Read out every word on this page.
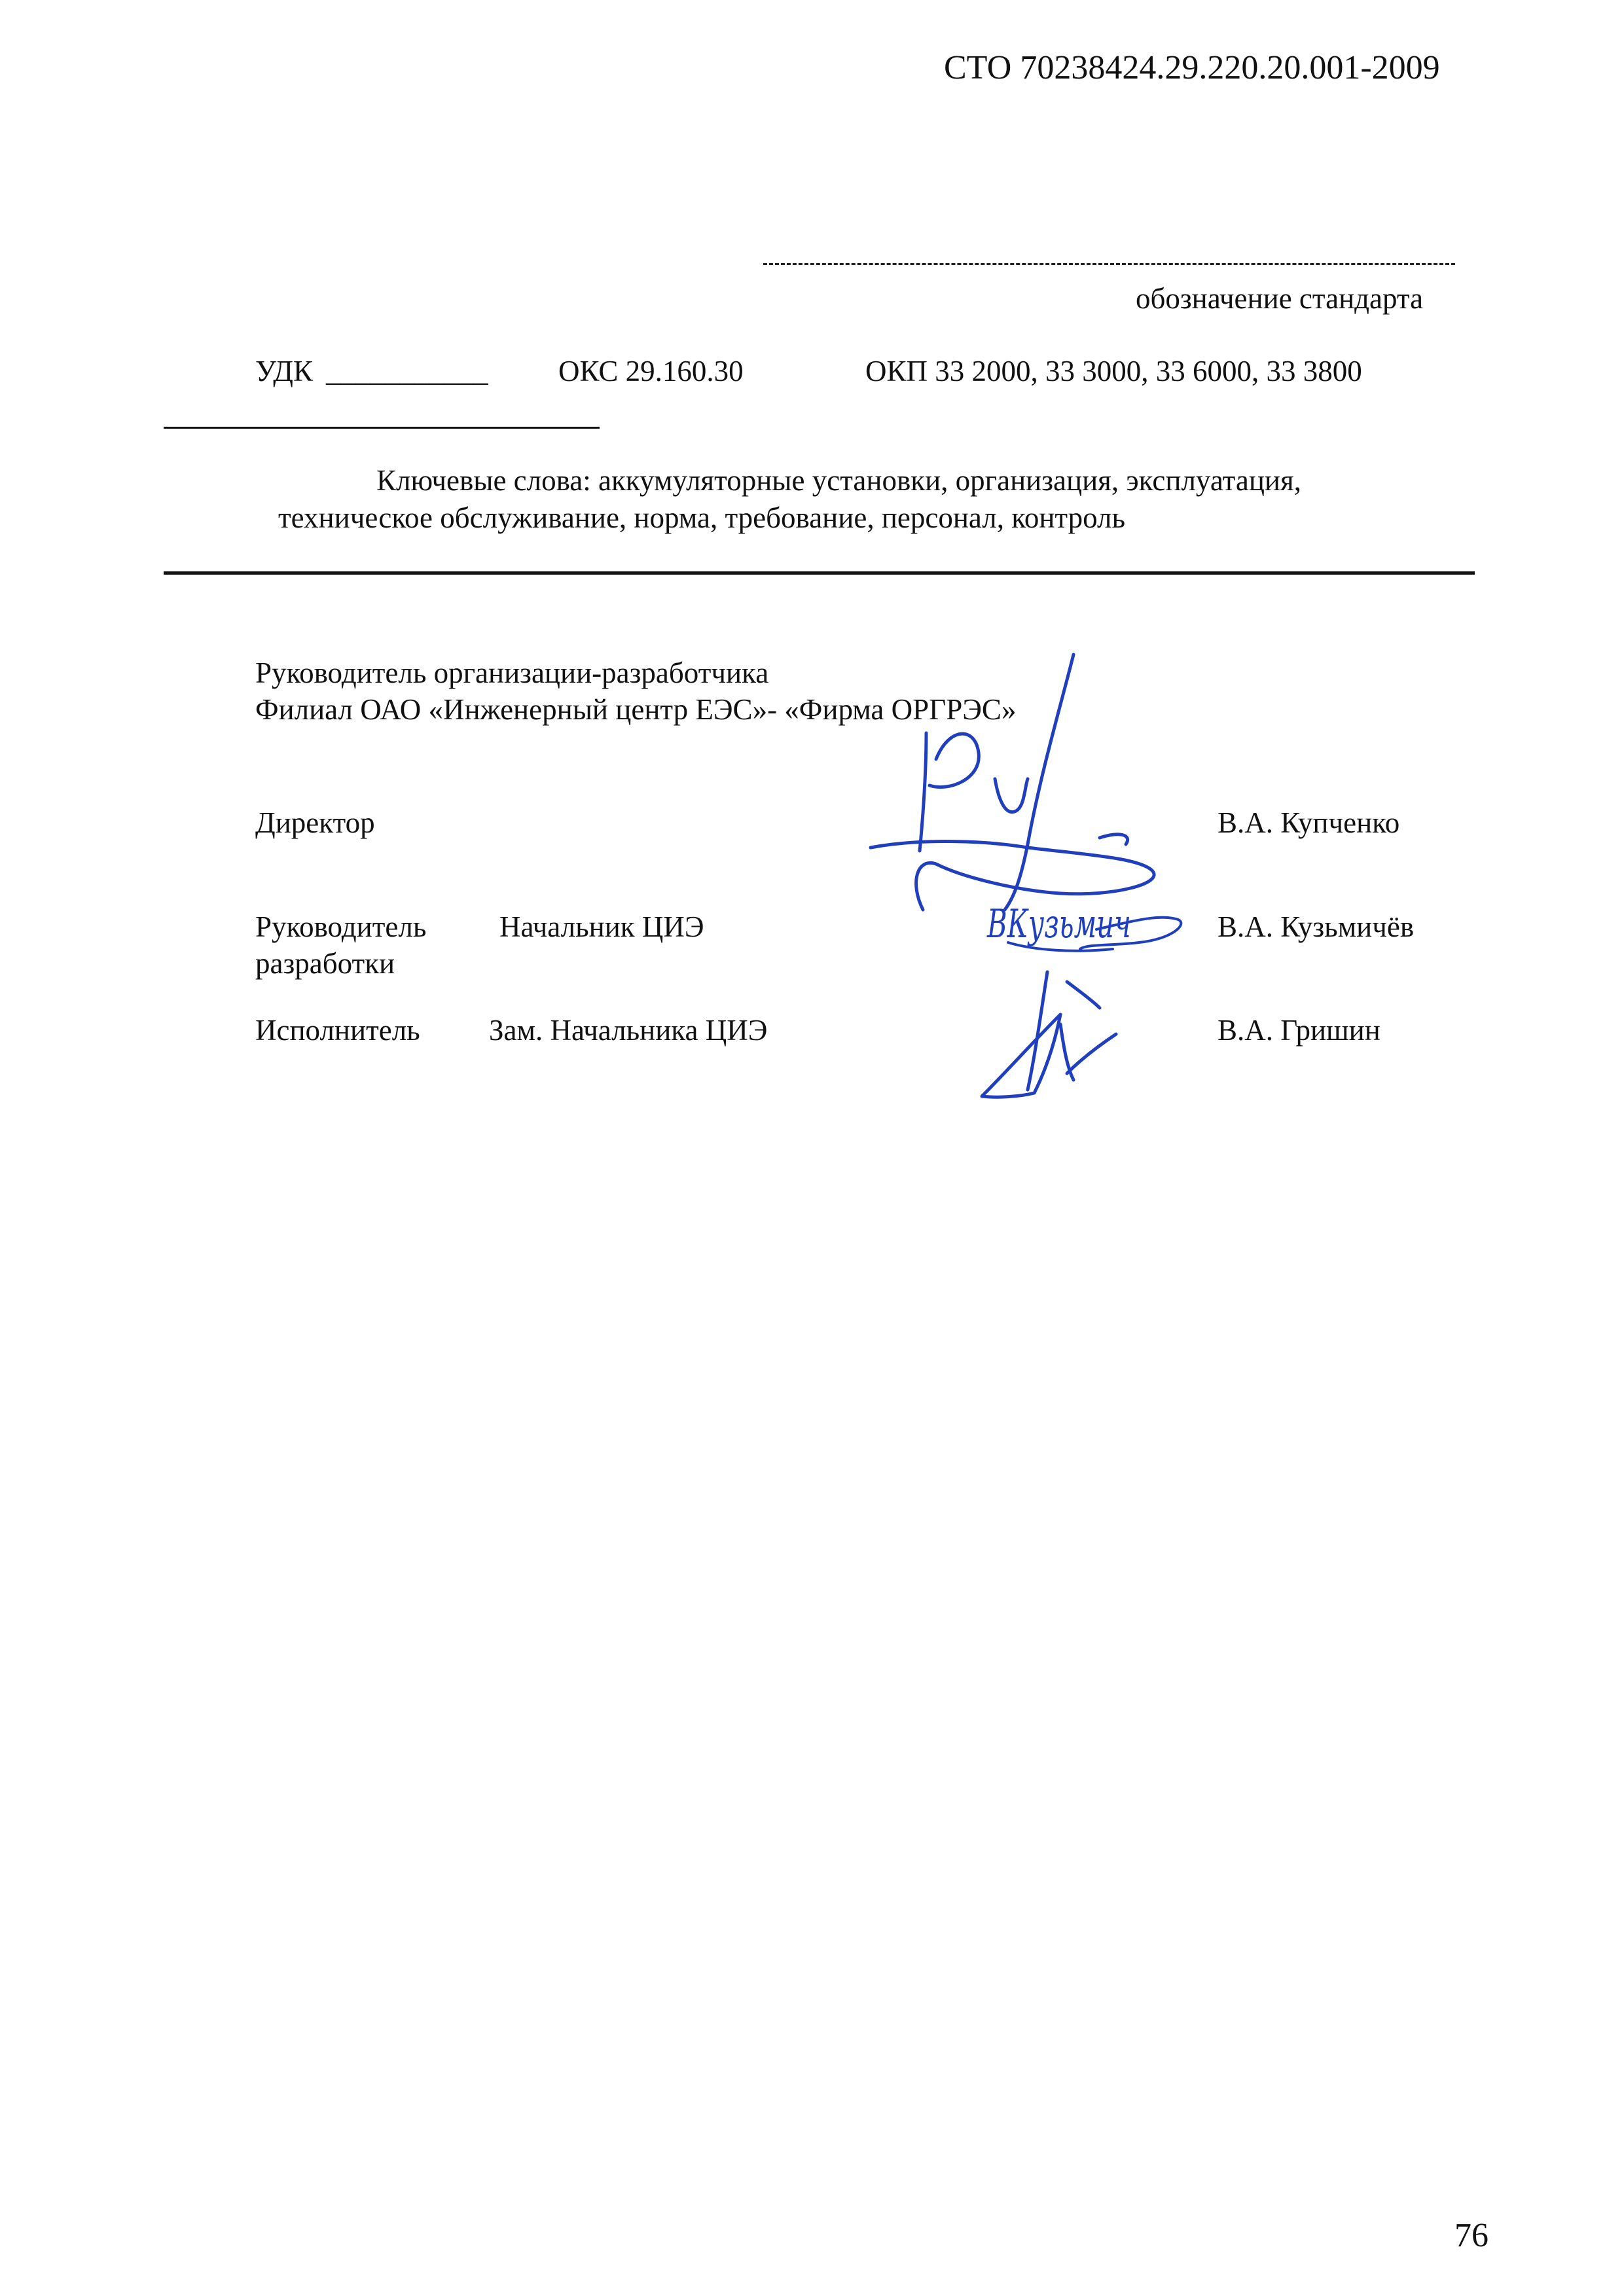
СТО 70238424.29.220.20.001-2009
обозначение стандарта
УДК ___________ ОКС 29.160.30	ОКП 33 2000, 33 3000, 33 6000, 33 3800
Ключевые слова: аккумуляторные установки, организация, эксплуатация,
техническое обслуживание, норма, требование, персонал, контроль
Руководитель организации-разработчика
Филиал ОАО «Инженерный центр ЕЭС»- «Фирма ОРГРЭС»
Директор	В.А. Купченко
Руководитель
разработки
Начальник ЦИЭ	В.А. Кузьмичёв
Исполнитель Зам. Начальника ЦИЭ	В.А. Гришин
ВКузьмич
76
